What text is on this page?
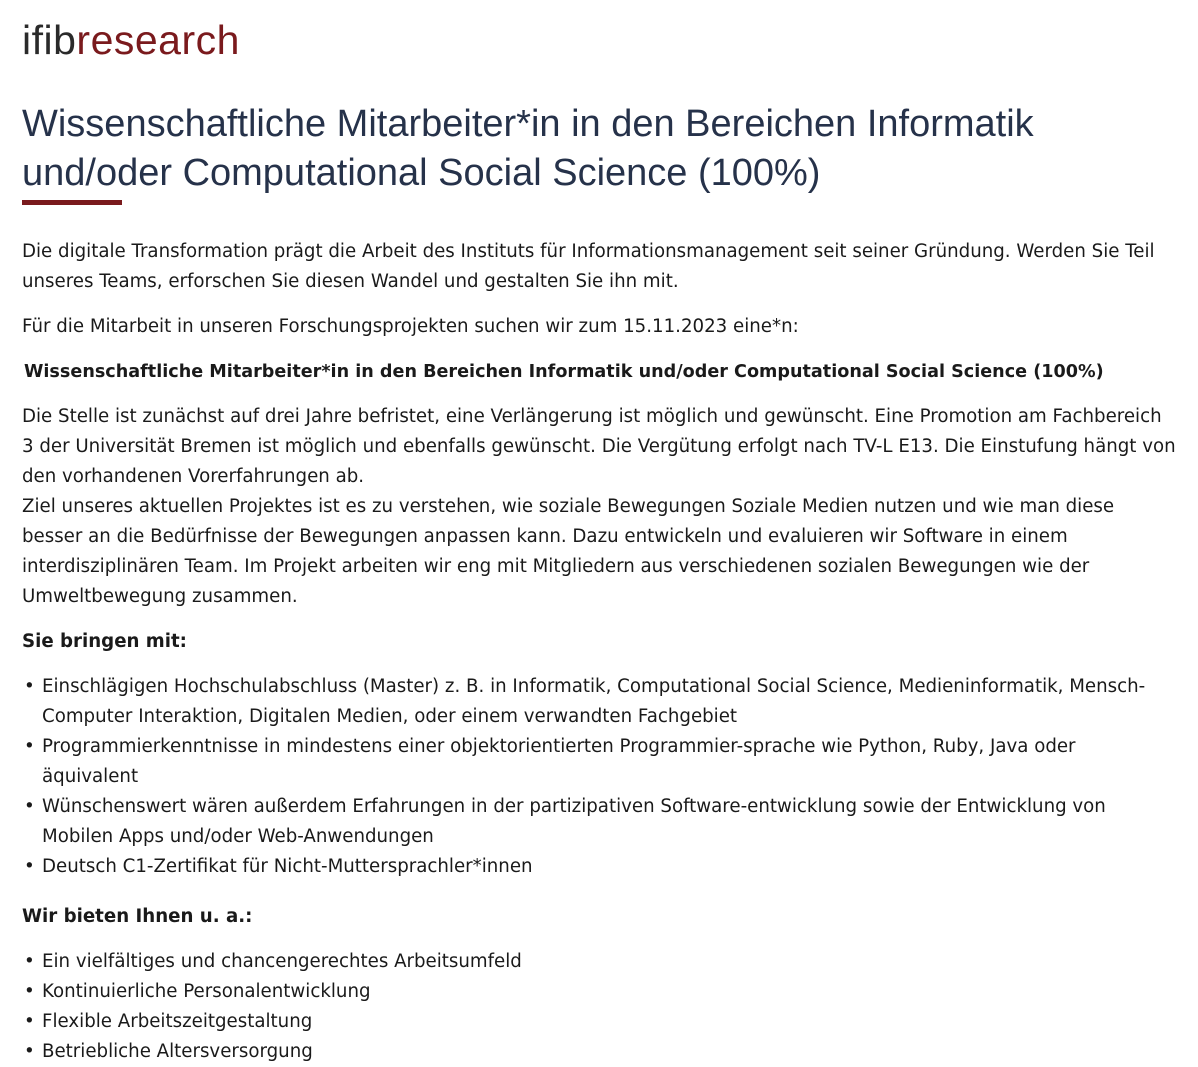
ifibresearch
Wissenschaftliche Mitarbeiter*in in den Bereichen Informatik und/oder Computational Social Science (100%)

Die digitale Transformation prägt die Arbeit des Instituts für Informationsmanagement seit seiner Gründung. Werden Sie Teil unseres Teams, erforschen Sie diesen Wandel und gestalten Sie ihn mit.

Für die Mitarbeit in unseren Forschungsprojekten suchen wir zum 15.11.2023 eine*n:

Wissenschaftliche Mitarbeiter*in in den Bereichen Informatik und/oder Computational Social Science (100%)

Die Stelle ist zunächst auf drei Jahre befristet, eine Verlängerung ist möglich und gewünscht. Eine Promotion am Fachbereich 3 der Universität Bremen ist möglich und ebenfalls gewünscht. Die Vergütung erfolgt nach TV-L E13. Die Einstufung hängt von den vorhandenen Vorerfahrungen ab.
Ziel unseres aktuellen Projektes ist es zu verstehen, wie soziale Bewegungen Soziale Medien nutzen und wie man diese besser an die Bedürfnisse der Bewegungen anpassen kann. Dazu entwickeln und evaluieren wir Software in einem interdisziplinären Team. Im Projekt arbeiten wir eng mit Mitgliedern aus verschiedenen sozialen Bewegungen wie der Umweltbewegung zusammen.

Sie bringen mit:

• Einschlägigen Hochschulabschluss (Master) z. B. in Informatik, Computational Social Science, Medieninformatik, Mensch-Computer Interaktion, Digitalen Medien, oder einem verwandten Fachgebiet
• Programmierkenntnisse in mindestens einer objektorientierten Programmier-sprache wie Python, Ruby, Java oder äquivalent
• Wünschenswert wären außerdem Erfahrungen in der partizipativen Software-entwicklung sowie der Entwicklung von Mobilen Apps und/oder Web-Anwendungen
• Deutsch C1-Zertifikat für Nicht-Muttersprachler*innen

Wir bieten Ihnen u. a.:

• Ein vielfältiges und chancengerechtes Arbeitsumfeld
• Kontinuierliche Personalentwicklung
• Flexible Arbeitszeitgestaltung
• Betriebliche Altersversorgung
